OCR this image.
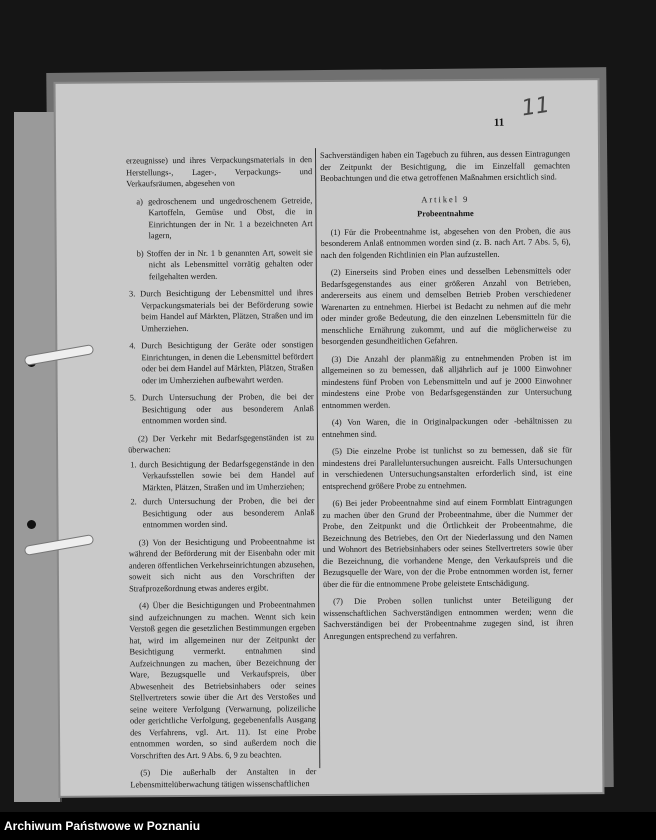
11
11

erzeugnisse) und ihres Verpackungsmaterials in den Herstellungs-, Lager-, Verpackungs- und Verkaufsräumen, abgesehen von

a) gedroschenem und ungedroschenem Getreide, Kartoffeln, Gemüse und Obst, die in Einrichtungen der in Nr. 1 a bezeichneten Art lagern,

b) Stoffen der in Nr. 1 b genannten Art, soweit sie nicht als Lebensmittel vorrätig gehalten oder feilgehalten werden.

3. Durch Besichtigung der Lebensmittel und ihres Verpackungsmaterials bei der Beförderung sowie beim Handel auf Märkten, Plätzen, Straßen und im Umherziehen.

4. Durch Besichtigung der Geräte oder sonstigen Einrichtungen, in denen die Lebensmittel befördert oder bei dem Handel auf Märkten, Plätzen, Straßen oder im Umherziehen aufbewahrt werden.

5. Durch Untersuchung der Proben, die bei der Besichtigung oder aus besonderem Anlaß entnommen worden sind.

(2) Der Verkehr mit Bedarfsgegenständen ist zu überwachen:

1. durch Besichtigung der Bedarfsgegenstände in den Verkaufsstellen sowie bei dem Handel auf Märkten, Plätzen, Straßen und im Umherziehen;

2. durch Untersuchung der Proben, die bei der Besichtigung oder aus besonderem Anlaß entnommen worden sind.

(3) Von der Besichtigung und Probeentnahme ist während der Beförderung mit der Eisenbahn oder mit anderen öffentlichen Verkehrseinrichtungen abzusehen, soweit sich nicht aus den Vorschriften der Strafprozeßordnung etwas anderes ergibt.

(4) Über die Besichtigungen und Probeentnahmen sind aufzeichnungen zu machen. Wennt sich kein Verstoß gegen die gesetzlichen Bestimmungen ergeben hat, wird im allgemeinen nur der Zeitpunkt der Besichtigung vermerkt. entnahmen sind Aufzeichnungen zu machen, über Bezeichnung der Ware, Bezugsquelle und Verkaufspreis, über Abwesenheit des Betriebsinhabers oder seines Stellvertreters sowie über die Art des Verstoßes und seine weitere Verfolgung (Verwarnung, polizeiliche oder gerichtliche Verfolgung, gegebenenfalls Ausgang des Verfahrens, vgl. Art. 11). Ist eine Probe entnommen worden, so sind außerdem noch die Vorschriften des Art. 9 Abs. 6, 9 zu beachten.

(5) Die außerhalb der Anstalten in der Lebensmittelüberwachung tätigen wissenschaftlichen

Sachverständigen haben ein Tagebuch zu führen, aus dessen Eintragungen der Zeitpunkt der Besichtigung, die im Einzelfall gemachten Beobachtungen und die etwa getroffenen Maßnahmen ersichtlich sind.

Artikel 9
Probeentnahme

(1) Für die Probeentnahme ist, abgesehen von den Proben, die aus besonderem Anlaß entnommen worden sind (z. B. nach Art. 7 Abs. 5, 6), nach den folgenden Richtlinien ein Plan aufzustellen.

(2) Einerseits sind Proben eines und desselben Lebensmittels oder Bedarfsgegenstandes aus einer größeren Anzahl von Betrieben, andererseits aus einem und demselben Betrieb Proben verschiedener Warenarten zu entnehmen. Hierbei ist Bedacht zu nehmen auf die mehr oder minder große Bedeutung, die den einzelnen Lebensmitteln für die menschliche Ernährung zukommt, und auf die möglicherweise zu besorgenden gesundheitlichen Gefahren.

(3) Die Anzahl der planmäßig zu entnehmenden Proben ist im allgemeinen so zu bemessen, daß alljährlich auf je 1000 Einwohner mindestens fünf Proben von Lebensmitteln und auf je 2000 Einwohner mindestens eine Probe von Bedarfsgegenständen zur Untersuchung entnommen werden.

(4) Von Waren, die in Originalpackungen oder -behältnissen zu entnehmen sind.

(5) Die einzelne Probe ist tunlichst so zu bemessen, daß sie für mindestens drei Paralleluntersuchungen ausreicht. Falls Untersuchungen in verschiedenen Untersuchungsanstalten erforderlich sind, ist eine entsprechend größere Probe zu entnehmen.

(6) Bei jeder Probeentnahme sind auf einem Formblatt Eintragungen zu machen über den Grund der Probeentnahme, über die Nummer der Probe, den Zeitpunkt und die Örtlichkeit der Probeentnahme, die Bezeichnung des Betriebes, den Ort der Niederlassung und den Namen und Wohnort des Betriebsinhabers oder seines Stellvertreters sowie über die Bezeichnung, die vorhandene Menge, den Verkaufspreis und die Bezugsquelle der Ware, von der die Probe entnommen worden ist, ferner über die für die entnommene Probe geleistete Entschädigung.

(7) Die Proben sollen tunlichst unter Beteiligung der wissenschaftlichen Sachverständigen entnommen werden; wenn die Sachverständigen bei der Probeentnahme zugegen sind, ist ihren Anregungen entsprechend zu verfahren.

Archiwum Państwowe w Poznaniu
